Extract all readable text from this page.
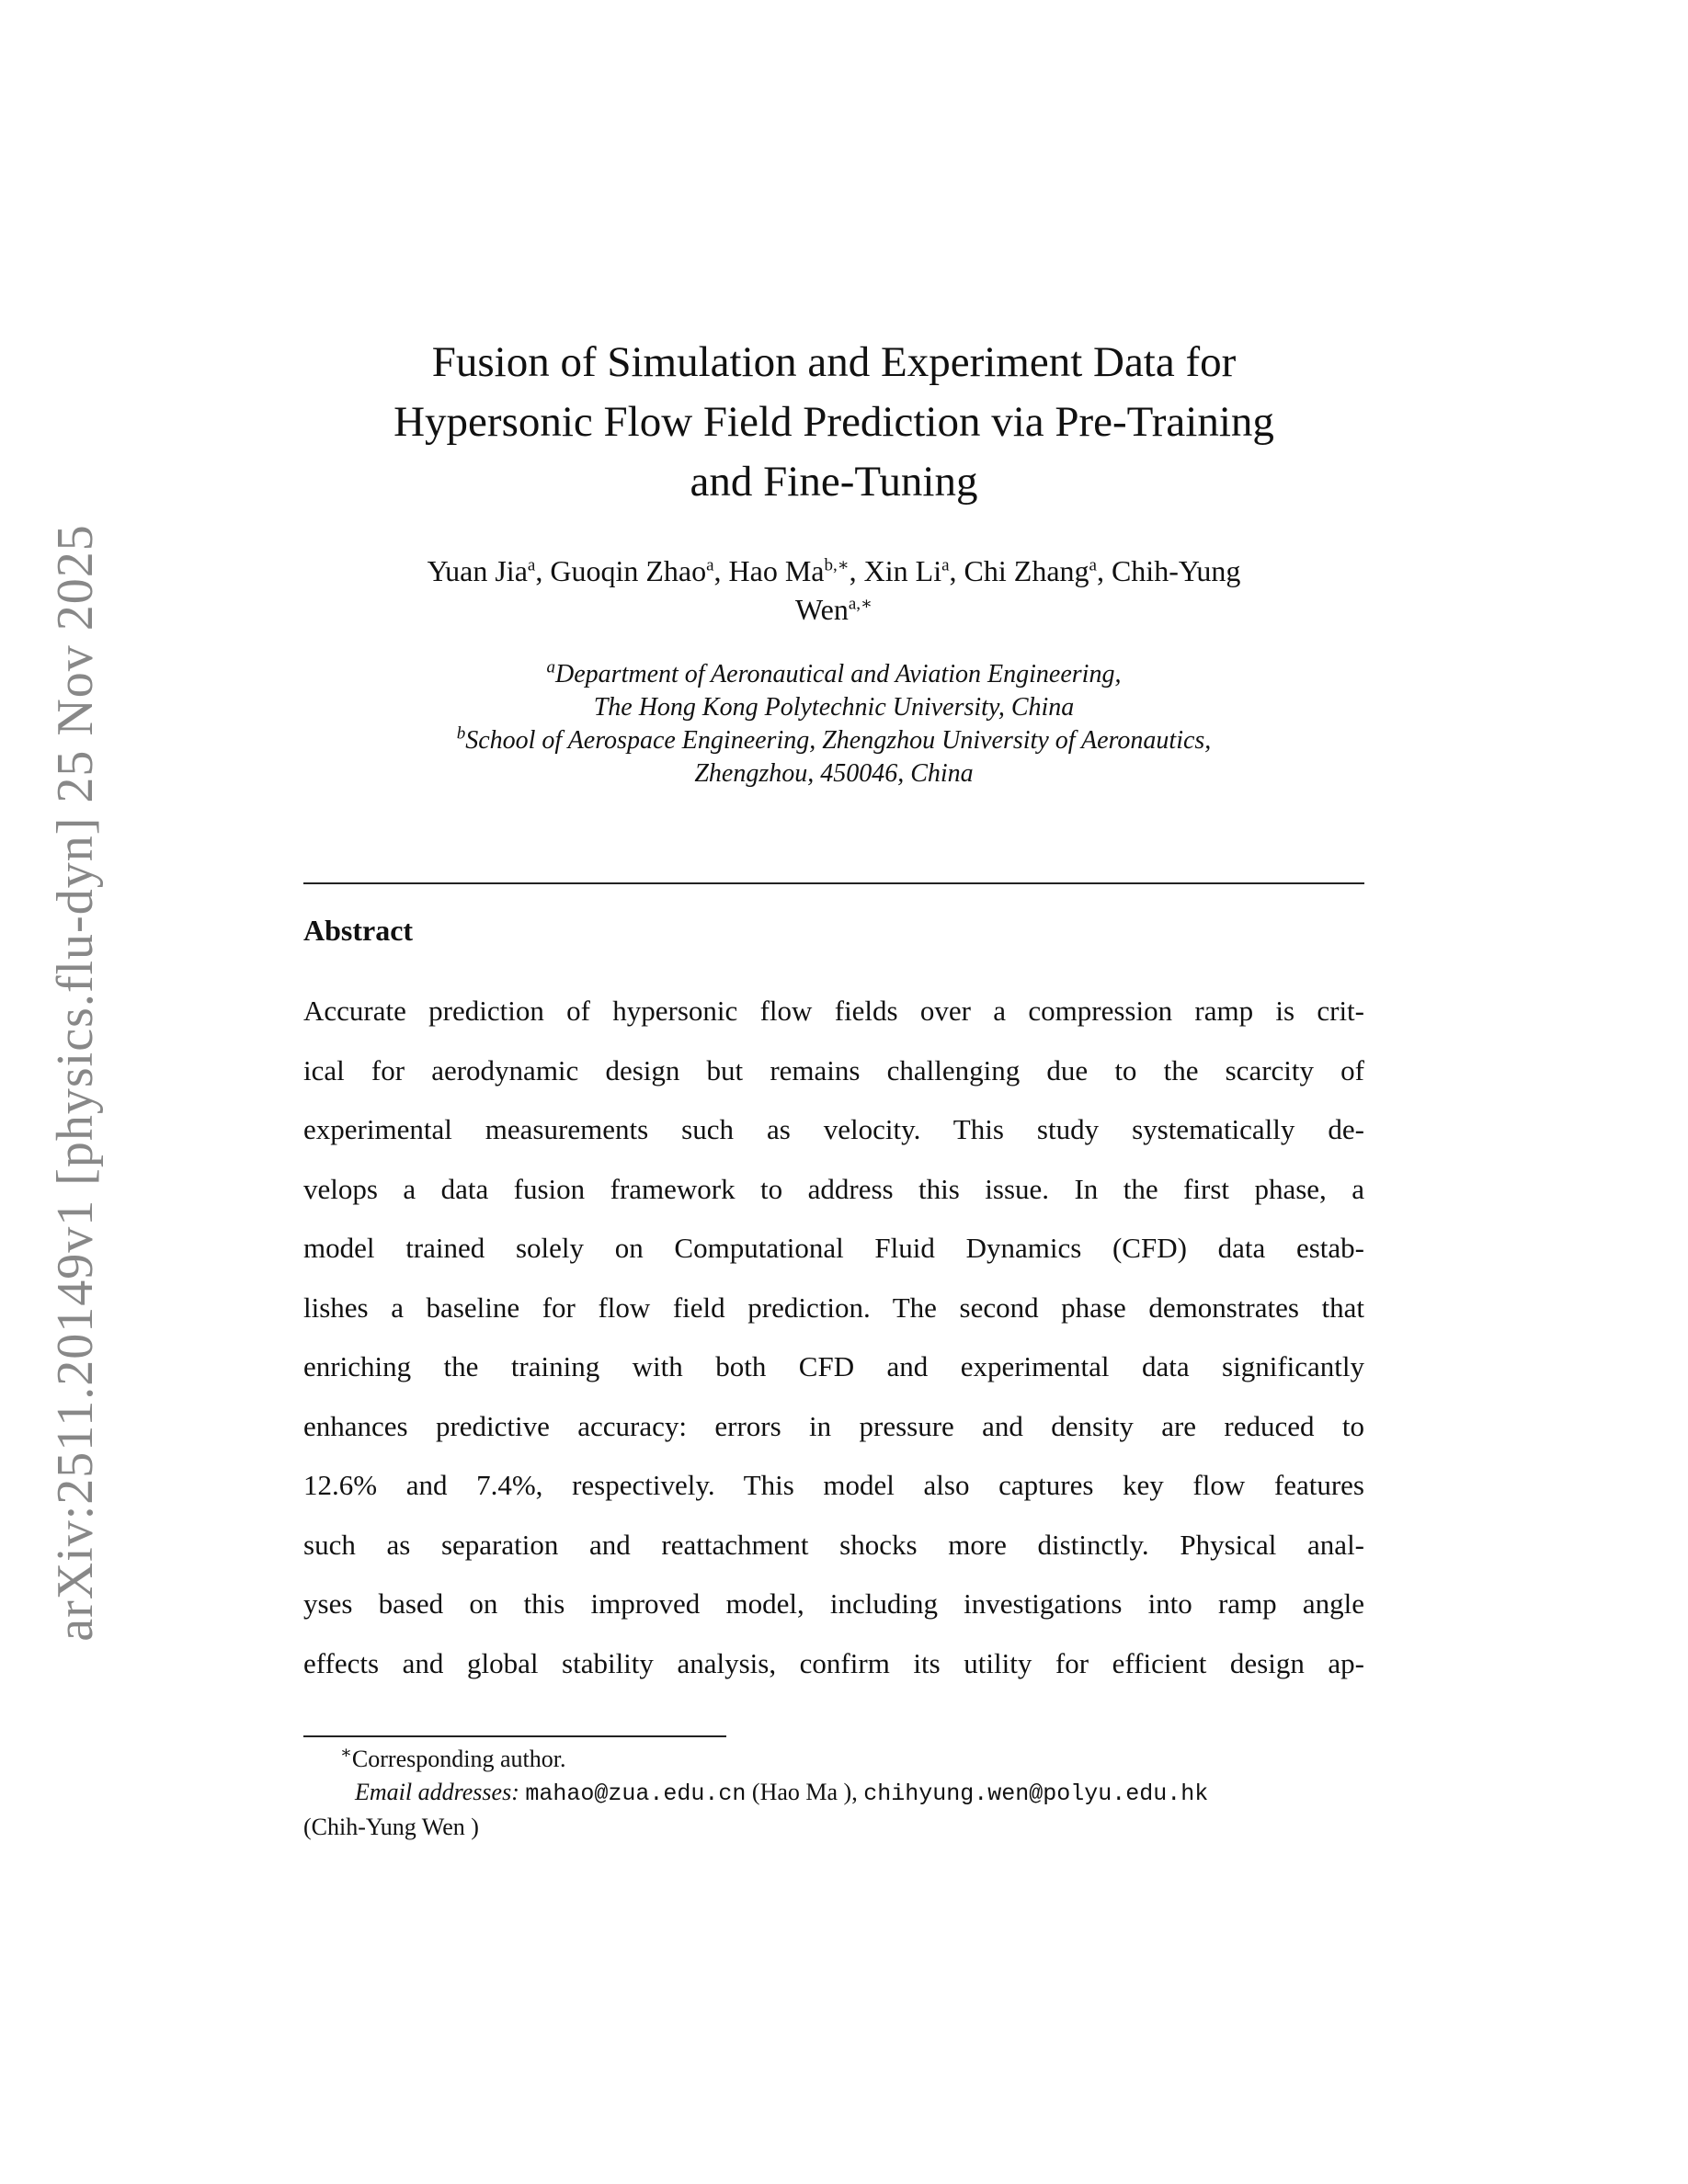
arXiv:2511.20149v1 [physics.flu-dyn] 25 Nov 2025
Fusion of Simulation and Experiment Data for
Hypersonic Flow Field Prediction via Pre-Training
and Fine-Tuning
Yuan Jia$^a$, Guoqin Zhao$^a$, Hao $Ma^{b,∗}$, Xin Li$^a$, Chi Zhang$^a$, Chih-Yung
Wen$^{a,∗}$
$^a$Department of Aeronautical and Aviation Engineering,
The Hong Kong Polytechnic University, China
$^b$School of Aerospace Engineering, Zhengzhou University of Aeronautics,
Zhengzhou, 450046, China
Abstract
Accurate prediction of hypersonic flow fields over a compression ramp is crit-
ical for aerodynamic design but remains challenging due to the scarcity of
experimental measurements such as velocity. This study systematically de-
velops a data fusion framework to address this issue. In the first phase, a
model trained solely on Computational Fluid Dynamics (CFD) data estab-
lishes a baseline for flow field prediction. The second phase demonstrates that
enriching the training with both CFD and experimental data significantly
enhances predictive accuracy: errors in pressure and density are reduced to
12.6% and 7.4%, respectively. This model also captures key flow features
such as separation and reattachment shocks more distinctly. Physical anal-
yses based on this improved model, including investigations into ramp angle
effects and global stability analysis, confirm its utility for efficient design ap-
∗Corresponding author.
Email addresses: mahao@zua.edu.cn (Hao Ma ), chihyung.wen@polyu.edu.hk
(Chih-Yung Wen )
